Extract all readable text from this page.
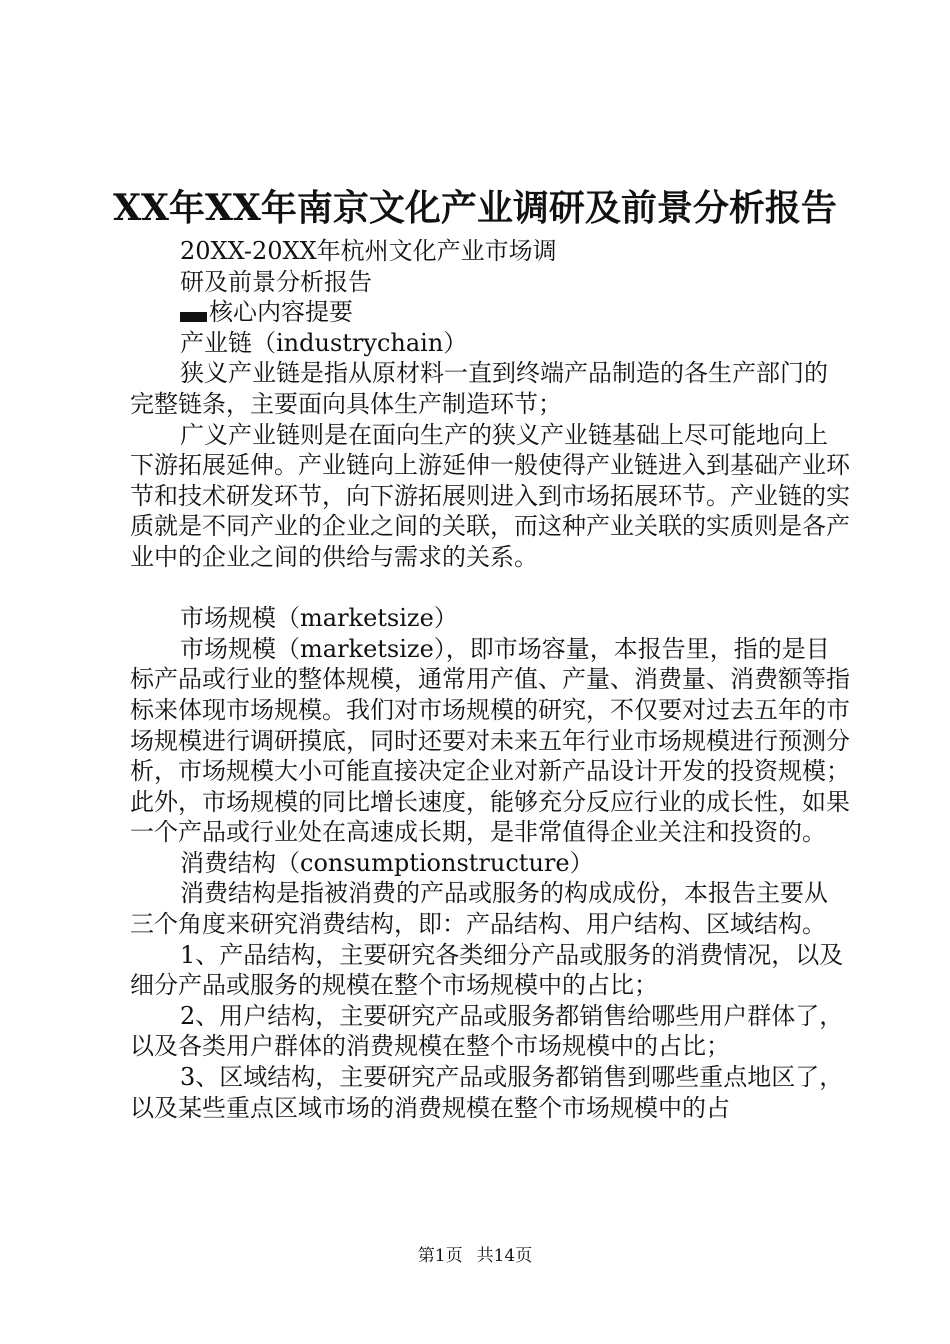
XX年XX年南京文化产业调研及前景分析报告

20XX-20XX年杭州文化产业市场调

研及前景分析报告

核心内容提要

产业链（industrychain）

狭义产业链是指从原材料一直到终端产品制造的各生产部门的完整链条，主要面向具体生产制造环节；

广义产业链则是在面向生产的狭义产业链基础上尽可能地向上下游拓展延伸。产业链向上游延伸一般使得产业链进入到基础产业环节和技术研发环节，向下游拓展则进入到市场拓展环节。产业链的实质就是不同产业的企业之间的关联，而这种产业关联的实质则是各产业中的企业之间的供给与需求的关系。

市场规模（marketsize）

市场规模（marketsize），即市场容量，本报告里，指的是目标产品或行业的整体规模，通常用产值、产量、消费量、消费额等指标来体现市场规模。我们对市场规模的研究，不仅要对过去五年的市场规模进行调研摸底，同时还要对未来五年行业市场规模进行预测分析，市场规模大小可能直接决定企业对新产品设计开发的投资规模；此外，市场规模的同比增长速度，能够充分反应行业的成长性，如果一个产品或行业处在高速成长期，是非常值得企业关注和投资的。

消费结构（consumptionstructure）

消费结构是指被消费的产品或服务的构成成份，本报告主要从三个角度来研究消费结构，即：产品结构、用户结构、区域结构。

1、产品结构，主要研究各类细分产品或服务的消费情况，以及细分产品或服务的规模在整个市场规模中的占比；

2、用户结构，主要研究产品或服务都销售给哪些用户群体了，以及各类用户群体的消费规模在整个市场规模中的占比；

3、区域结构，主要研究产品或服务都销售到哪些重点地区了，以及某些重点区域市场的消费规模在整个市场规模中的占

第1页 共14页
